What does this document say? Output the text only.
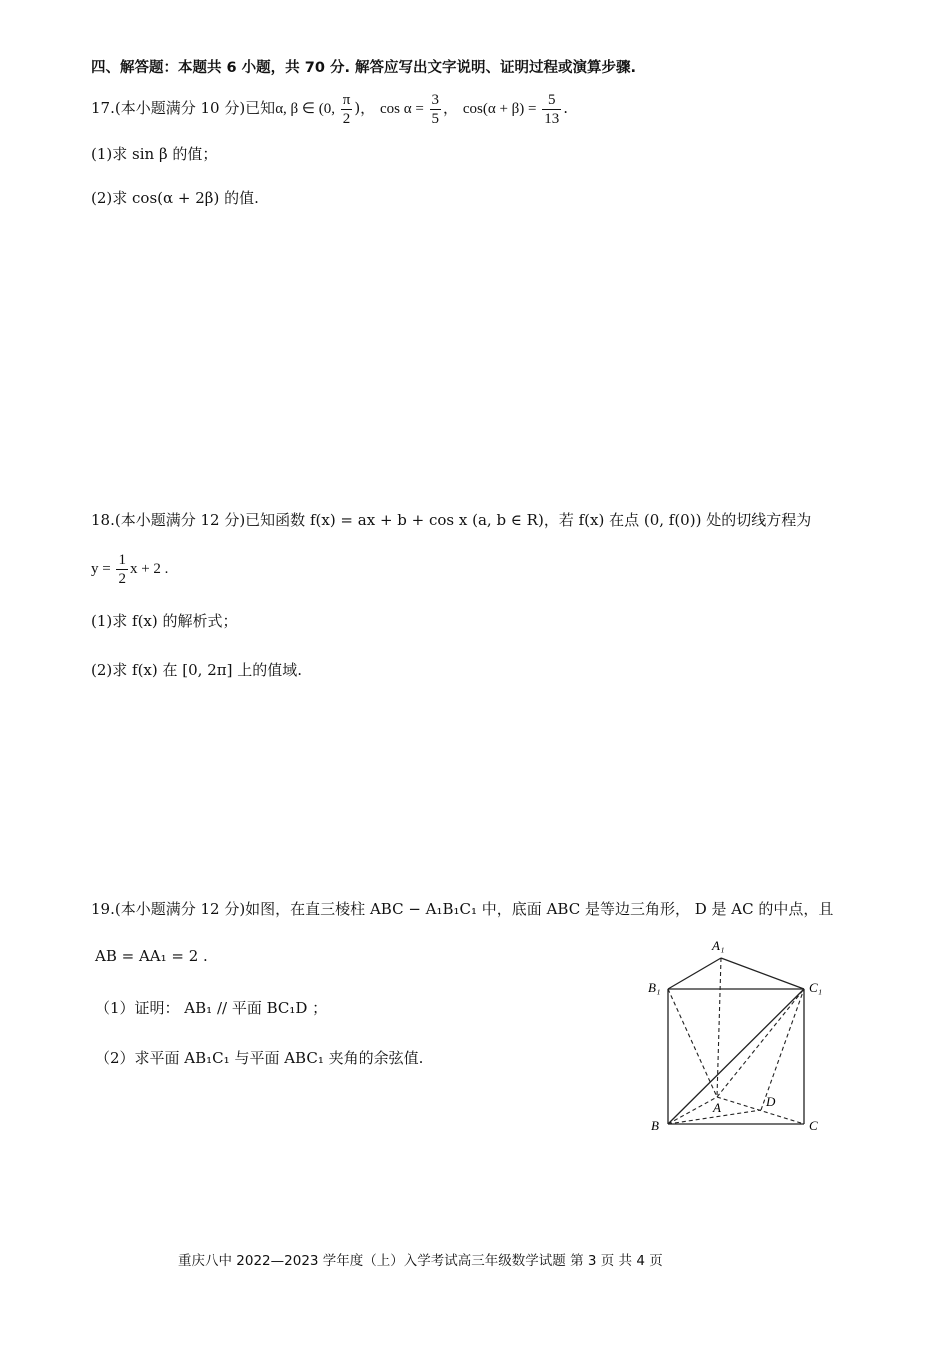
四、解答题：本题共 6 小题，共 70 分. 解答应写出文字说明、证明过程或演算步骤.
17.(本小题满分 10 分)已知α, β ∈ (0, $\frac{\pi}{2}$ )， $\cos \alpha = \frac{3}{5}$ ， $\cos(\alpha + \beta) = \frac{5}{13}$ .
(1)求 sin β 的值；
(2)求 cos(α + 2β) 的值.
18.(本小题满分 12 分)已知函数 f(x) = ax + b + cos x (a, b ∈ R)，若 f(x) 在点 (0, f(0)) 处的切线方程为
$y = \frac{1}{2}$ x + 2 .
(1)求 f(x) 的解析式；
(2)求 f(x) 在 [0, 2π] 上的值域.
19.(本小题满分 12 分)如图，在直三棱柱 ABC − A₁B₁C₁ 中，底面 ABC 是等边三角形， D 是 AC 的中点，且
AB = AA₁ = 2 .
（1）证明： AB₁ // 平面 BC₁D ；
（2）求平面 AB₁C₁ 与平面 ABC₁ 夹角的余弦值.
A₁
B₁	C₁
A	D
B	C
重庆八中 2022—2023 学年度（上）入学考试高三年级数学试题 第 3 页 共 4 页
